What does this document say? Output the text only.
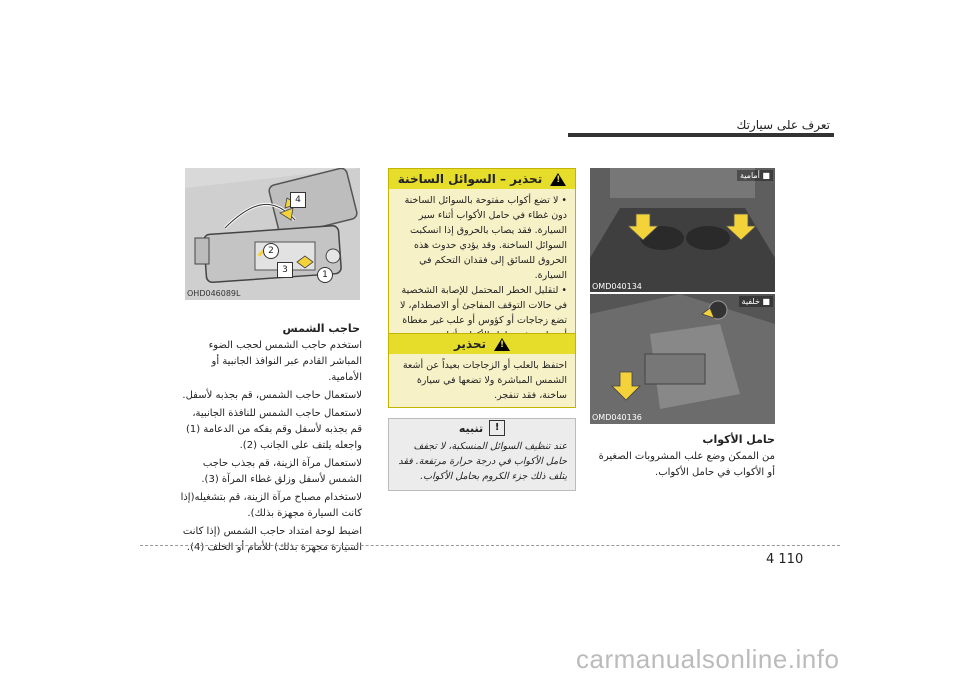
تعرف على سيارتك
1
2
3
4
OHD046089L
حاجب الشمس

استخدم حاجب الشمس لحجب الضوء المباشر القادم عبر النوافذ الجانبية أو الأمامية.

لاستعمال حاجب الشمس، قم بجذبه لأسفل.

لاستعمال حاجب الشمس للنافذة الجانبية، قم بجذبه لأسفل وقم بفكه من الدعامة (1) واجعله يلتف على الجانب (2).

لاستعمال مرآة الزينة، قم بجذب حاجب الشمس لأسفل وزلق غطاء المرآة (3).

لاستخدام مصباح مرآة الزينة، قم بتشغيله(إذا كانت السيارة مجهزة بذلك).

اضبط لوحة امتداد حاجب الشمس (إذا كانت السيارة مجهزة بذلك) للأمام أو الخلف (4).

!
تحذير – السوائل الساخنة
• لا تضع أكواب مفتوحة بالسوائل الساخنة دون غطاء في حامل الأكواب أثناء سير السيارة. فقد يصاب بالحروق إذا انسكبت السوائل الساخنة. وقد يؤدي حدوث هذه الحروق للسائق إلى فقدان التحكم في السيارة.
• لتقليل الخطر المحتمل للإصابة الشخصية في حالات التوقف المفاجئ أو الاصطدام، لا تضع زجاجات أو كؤوس أو علب غير مغطاة
!
تحذير
احتفظ بالعلب أو الزجاجات بعيداً عن أشعة الشمس المباشرة ولا تضعها في سيارة ساخنة، فقد تنفجر.
!
تنبيه
عند تنظيف السوائل المنسكبة، لا تجفف حامل الأكواب في درجة حرارة مرتفعة. فقد يتلف ذلك جزء الكروم بحامل الأكواب.
■ أمامية
OMD040134
■ خلفية
OMD040136
حامل الأكواب
من الممكن وضع علب المشروبات الصغيرة أو الأكواب في حامل الأكواب.
4 110
carmanualsonline.info
